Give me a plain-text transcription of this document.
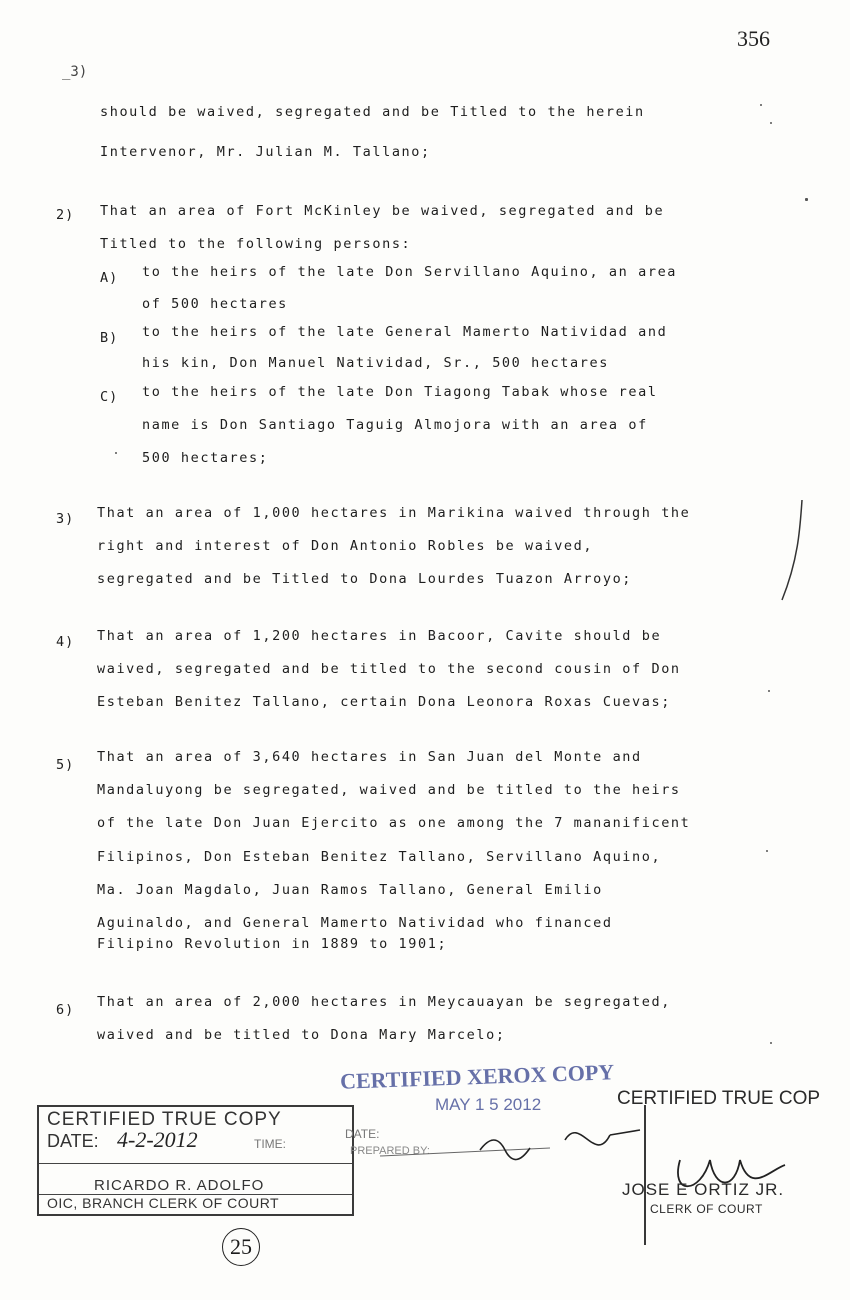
356
_3)
should be waived, segregated and be Titled to the herein
Intervenor, Mr. Julian M. Tallano;
2) That an area of Fort McKinley be waived, segregated and be
Titled to the following persons:
A) to the heirs of the late Don Servillano Aquino, an area
of 500 hectares
B) to the heirs of the late General Mamerto Natividad and
his kin, Don Manuel Natividad, Sr., 500 hectares
C) to the heirs of the late Don Tiagong Tabak whose real
name is Don Santiago Taguig Almojora with an area of
500 hectares;
3) That an area of 1,000 hectares in Marikina waived through the
right and interest of Don Antonio Robles be waived,
segregated and be Titled to Dona Lourdes Tuazon Arroyo;
4) That an area of 1,200 hectares in Bacoor, Cavite should be
waived, segregated and be titled to the second cousin of Don
Esteban Benitez Tallano, certain Dona Leonora Roxas Cuevas;
5) That an area of 3,640 hectares in San Juan del Monte and
Mandaluyong be segregated, waived and be titled to the heirs
of the late Don Juan Ejercito as one among the 7 mananificent
Filipinos, Don Esteban Benitez Tallano, Servillano Aquino,
Ma. Joan Magdalo, Juan Ramos Tallano, General Emilio
Aguinaldo, and General Mamerto Natividad who financed
Filipino Revolution in 1889 to 1901;
6) That an area of 2,000 hectares in Meycauayan be segregated,
waived and be titled to Dona Mary Marcelo;
CERTIFIED TRUE COPY
DATE: 4-2-2012	TIME:
RICARDO R. ADOLFO
OIC, BRANCH CLERK OF COURT
25
CERTIFIED XEROX COPY
MAY 1 5 2012
DATE:
PREPARED BY:
CERTIFIED TRUE COP
JOSE E ORTIZ JR.
CLERK OF COURT
